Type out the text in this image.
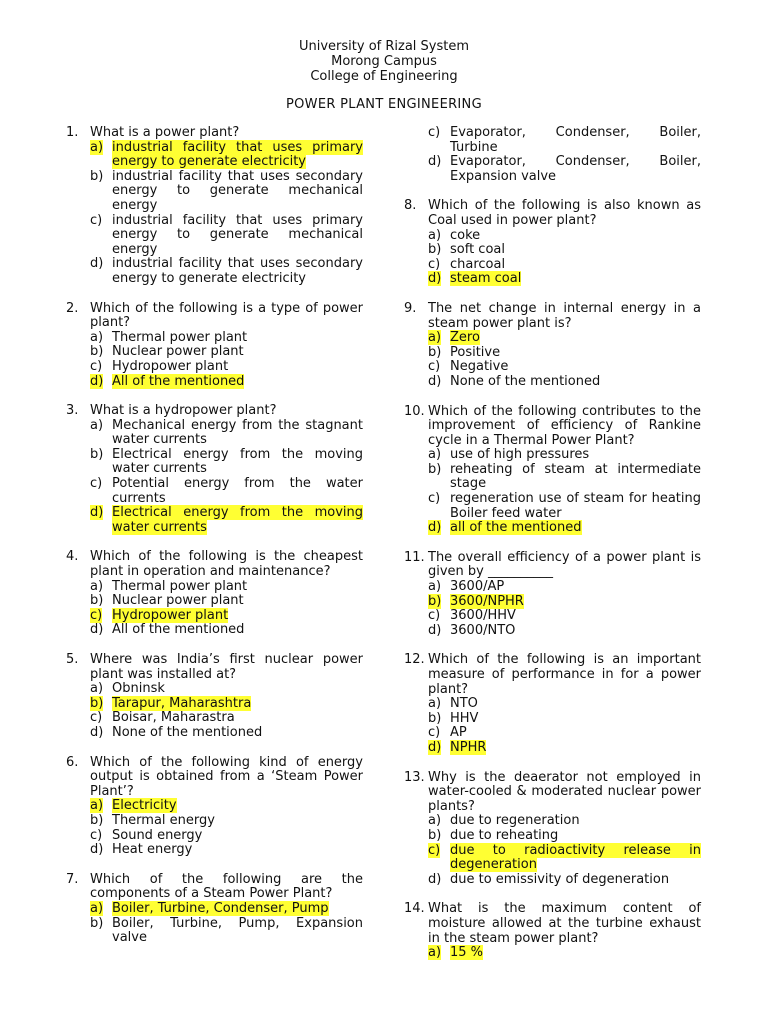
University of Rizal System
Morong Campus
College of Engineering
POWER PLANT ENGINEERING
1. What is a power plant?
a) industrial facility that uses primary energy to generate electricity
b) industrial facility that uses secondary energy to generate mechanical energy
c) industrial facility that uses primary energy to generate mechanical energy
d) industrial facility that uses secondary energy to generate electricity
2. Which of the following is a type of power plant?
a) Thermal power plant
b) Nuclear power plant
c) Hydropower plant
d) All of the mentioned
3. What is a hydropower plant?
a) Mechanical energy from the stagnant water currents
b) Electrical energy from the moving water currents
c) Potential energy from the water currents
d) Electrical energy from the moving water currents
4. Which of the following is the cheapest plant in operation and maintenance?
a) Thermal power plant
b) Nuclear power plant
c) Hydropower plant
d) All of the mentioned
5. Where was India’s first nuclear power plant was installed at?
a) Obninsk
b) Tarapur, Maharashtra
c) Boisar, Maharastra
d) None of the mentioned
6. Which of the following kind of energy output is obtained from a ‘Steam Power Plant’?
a) Electricity
b) Thermal energy
c) Sound energy
d) Heat energy
7. Which of the following are the components of a Steam Power Plant?
a) Boiler, Turbine, Condenser, Pump
b) Boiler, Turbine, Pump, Expansion valve
c) Evaporator, Condenser, Boiler, Turbine
d) Evaporator, Condenser, Boiler, Expansion valve
8. Which of the following is also known as Coal used in power plant?
a) coke
b) soft coal
c) charcoal
d) steam coal
9. The net change in internal energy in a steam power plant is?
a) Zero
b) Positive
c) Negative
d) None of the mentioned
10. Which of the following contributes to the improvement of efficiency of Rankine cycle in a Thermal Power Plant?
a) use of high pressures
b) reheating of steam at intermediate stage
c) regeneration use of steam for heating Boiler feed water
d) all of the mentioned
11. The overall efficiency of a power plant is given by __________
a) 3600/AP
b) 3600/NPHR
c) 3600/HHV
d) 3600/NTO
12. Which of the following is an important measure of performance in for a power plant?
a) NTO
b) HHV
c) AP
d) NPHR
13. Why is the deaerator not employed in water-cooled & moderated nuclear power plants?
a) due to regeneration
b) due to reheating
c) due to radioactivity release in degeneration
d) due to emissivity of degeneration
14. What is the maximum content of moisture allowed at the turbine exhaust in the steam power plant?
a) 15 %
